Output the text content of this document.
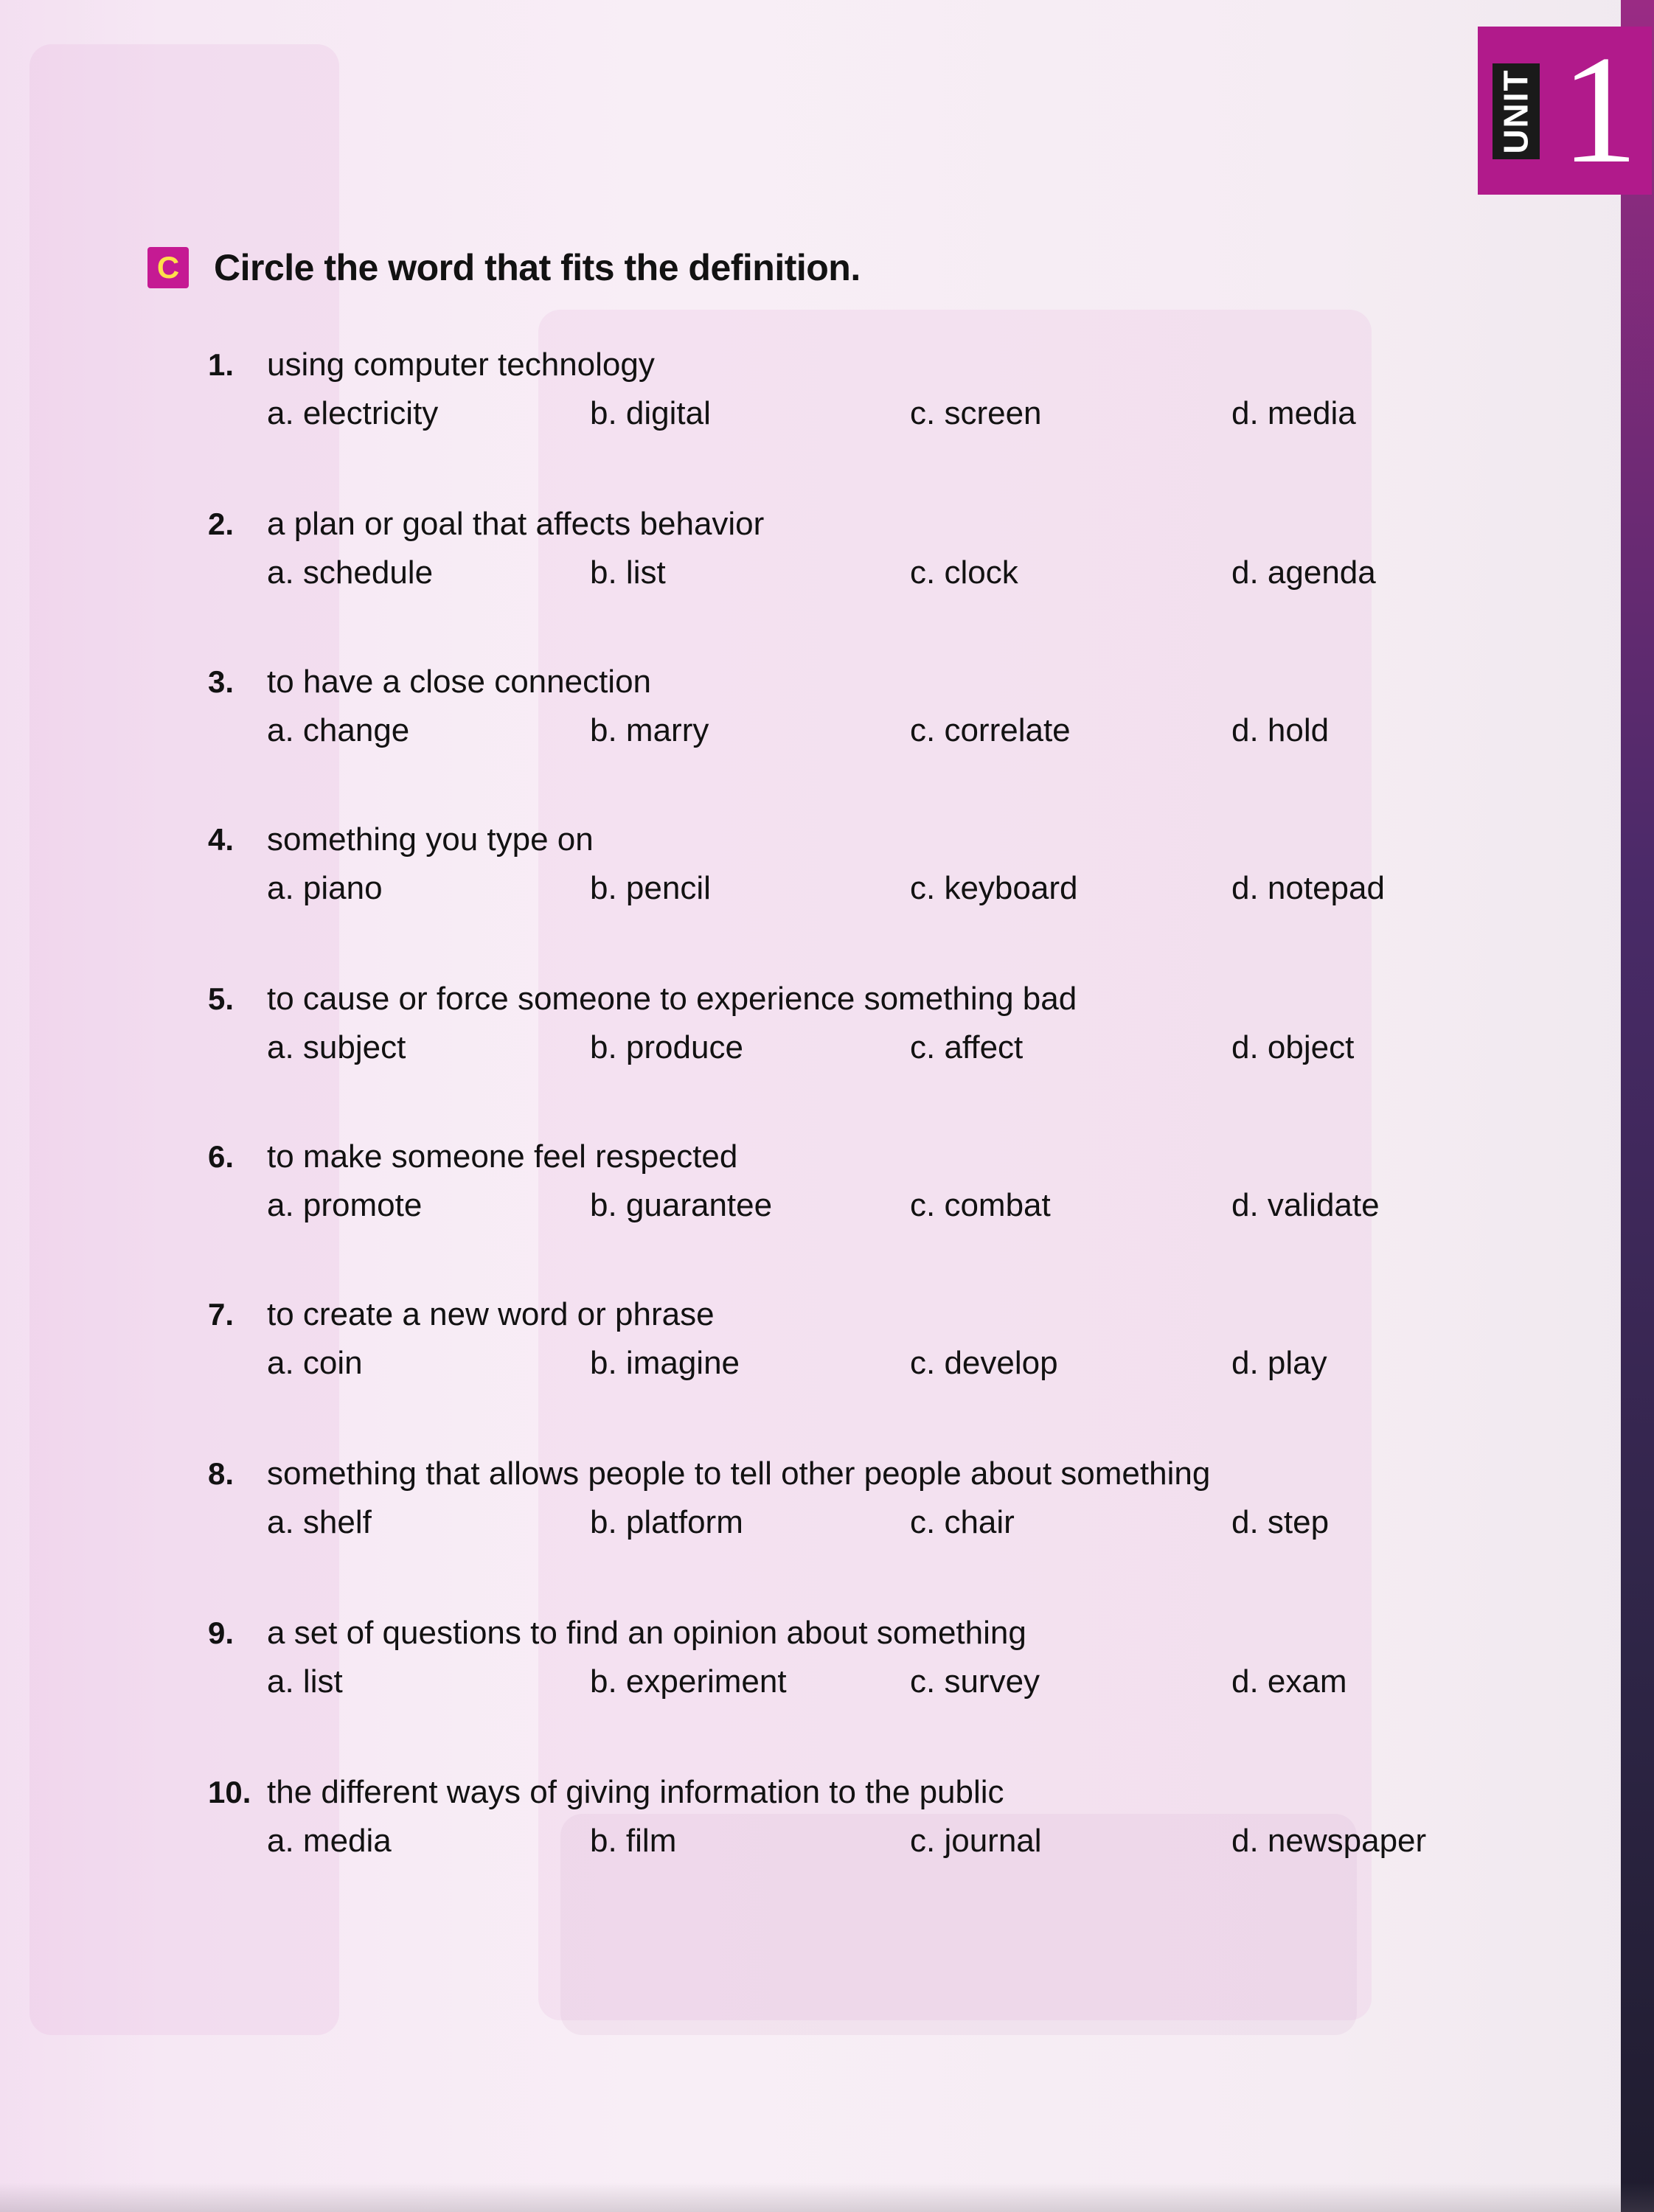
UNIT 1
C Circle the word that fits the definition.
1.	using computer technology
a. electricity	b. digital	c. screen	d. media
2.	a plan or goal that affects behavior
a. schedule	b. list	c. clock	d. agenda
3.	to have a close connection
a. change	b. marry	c. correlate	d. hold
4.	something you type on
a. piano	b. pencil	c. keyboard	d. notepad
5.	to cause or force someone to experience something bad
a. subject	b. produce	c. affect	d. object
6.	to make someone feel respected
a. promote	b. guarantee	c. combat	d. validate
7.	to create a new word or phrase
a. coin	b. imagine	c. develop	d. play
8.	something that allows people to tell other people about something
a. shelf	b. platform	c. chair	d. step
9.	a set of questions to find an opinion about something
a. list	b. experiment	c. survey	d. exam
10. the different ways of giving information to the public
a. media	b. film	c. journal	d. newspaper
